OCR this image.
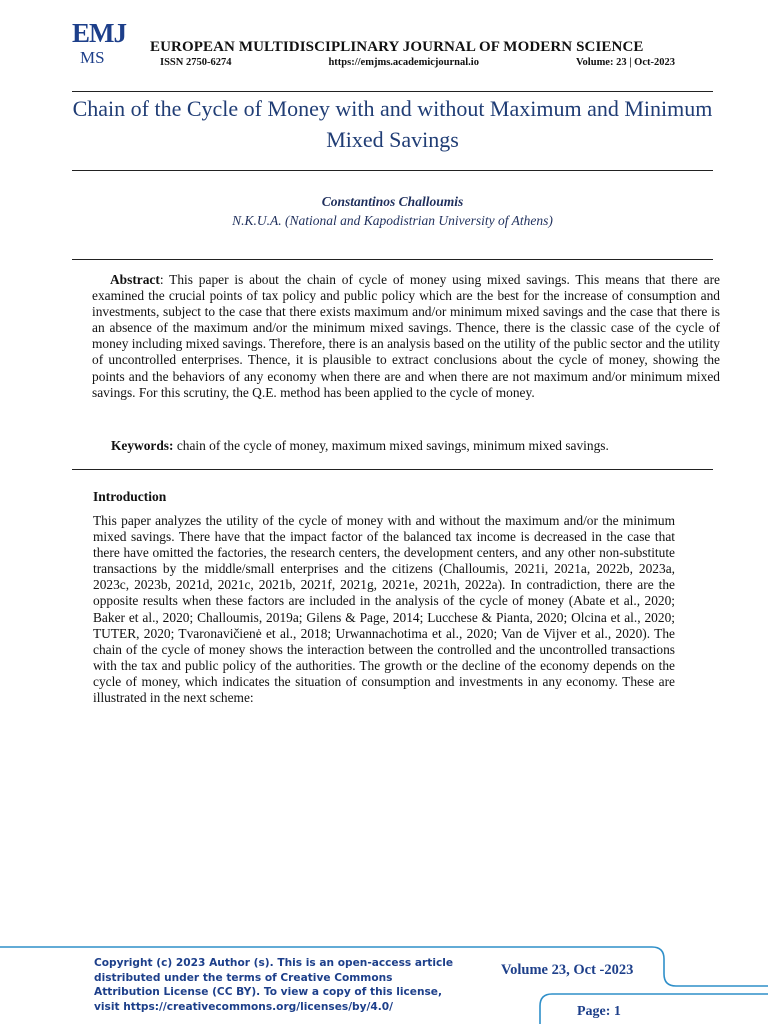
EMJ
MS
EUROPEAN MULTIDISCIPLINARY JOURNAL OF MODERN SCIENCE
ISSN 2750-6274	https://emjms.academicjournal.io	Volume: 23 | Oct-2023
Chain of the Cycle of Money with and without Maximum and Minimum Mixed Savings
Constantinos Challoumis
N.K.U.A. (National and Kapodistrian University of Athens)
Abstract: This paper is about the chain of cycle of money using mixed savings. This means that there are examined the crucial points of tax policy and public policy which are the best for the increase of consumption and investments, subject to the case that there exists maximum and/or minimum mixed savings and the case that there is an absence of the maximum and/or the minimum mixed savings. Thence, there is the classic case of the cycle of money including mixed savings. Therefore, there is an analysis based on the utility of the public sector and the utility of uncontrolled enterprises. Thence, it is plausible to extract conclusions about the cycle of money, showing the points and the behaviors of any economy when there are and when there are not maximum and/or minimum mixed savings. For this scrutiny, the Q.E. method has been applied to the cycle of money.
Keywords: chain of the cycle of money, maximum mixed savings, minimum mixed savings.
Introduction
This paper analyzes the utility of the cycle of money with and without the maximum and/or the minimum mixed savings. There have that the impact factor of the balanced tax income is decreased in the case that there have omitted the factories, the research centers, the development centers, and any other non-substitute transactions by the middle/small enterprises and the citizens (Challoumis, 2021i, 2021a, 2022b, 2023a, 2023c, 2023b, 2021d, 2021c, 2021b, 2021f, 2021g, 2021e, 2021h, 2022a). In contradiction, there are the opposite results when these factors are included in the analysis of the cycle of money (Abate et al., 2020; Baker et al., 2020; Challoumis, 2019a; Gilens & Page, 2014; Lucchese & Pianta, 2020; Olcina et al., 2020; TUTER, 2020; Tvaronavičienė et al., 2018; Urwannachotima et al., 2020; Van de Vijver et al., 2020). The chain of the cycle of money shows the interaction between the controlled and the uncontrolled transactions with the tax and public policy of the authorities. The growth or the decline of the economy depends on the cycle of money, which indicates the situation of consumption and investments in any economy. These are illustrated in the next scheme:
Copyright (c) 2023 Author (s). This is an open-access article distributed under the terms of Creative Commons Attribution License (CC BY). To view a copy of this license, visit https://creativecommons.org/licenses/by/4.0/
Volume 23, Oct -2023
Page: 1
